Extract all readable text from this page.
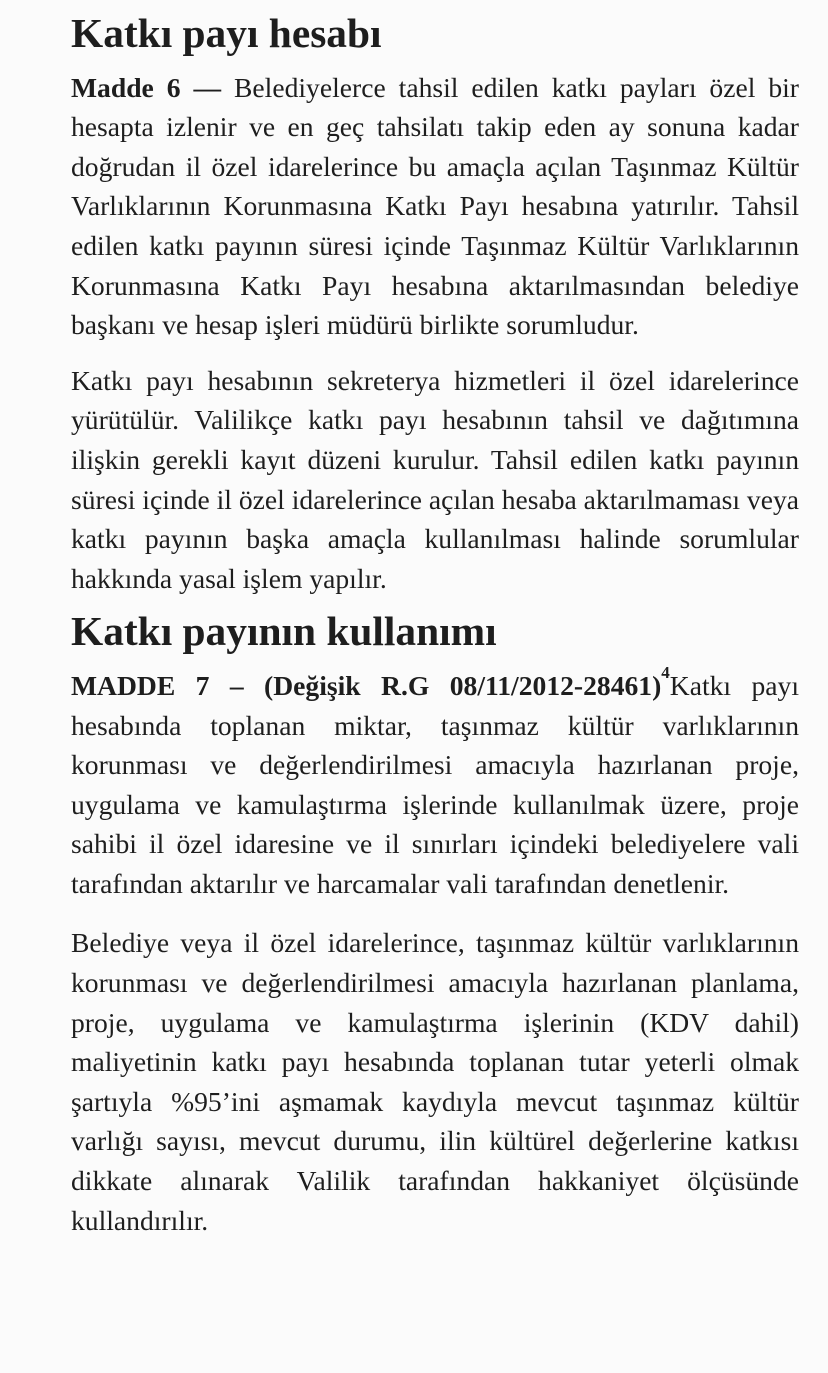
Katkı payı hesabı

Madde 6 — Belediyelerce tahsil edilen katkı payları özel bir hesapta izlenir ve en geç tahsilatı takip eden ay sonuna kadar doğrudan il özel idarelerince bu amaçla açılan Taşınmaz Kültür Varlıklarının Korunmasına Katkı Payı hesabına yatırılır. Tahsil edilen katkı payının süresi içinde Taşınmaz Kültür Varlıklarının Korunmasına Katkı Payı hesabına aktarılmasından belediye başkanı ve hesap işleri müdürü birlikte sorumludur.

Katkı payı hesabının sekreterya hizmetleri il özel idarelerince yürütülür. Valilikçe katkı payı hesabının tahsil ve dağıtımına ilişkin gerekli kayıt düzeni kurulur. Tahsil edilen katkı payının süresi içinde il özel idarelerince açılan hesaba aktarılmaması veya katkı payının başka amaçla kullanılması halinde sorumlular hakkında yasal işlem yapılır.

Katkı payının kullanımı

MADDE 7 – (Değişik R.G 08/11/2012-28461)$^4$Katkı payı hesabında toplanan miktar, taşınmaz kültür varlıklarının korunması ve değerlendirilmesi amacıyla hazırlanan proje, uygulama ve kamulaştırma işlerinde kullanılmak üzere, proje sahibi il özel idaresine ve il sınırları içindeki belediyelere vali tarafından aktarılır ve harcamalar vali tarafından denetlenir.

Belediye veya il özel idarelerince, taşınmaz kültür varlıklarının korunması ve değerlendirilmesi amacıyla hazırlanan planlama, proje, uygulama ve kamulaştırma işlerinin (KDV dahil) maliyetinin katkı payı hesabında toplanan tutar yeterli olmak şartıyla %95’ini aşmamak kaydıyla mevcut taşınmaz kültür varlığı sayısı, mevcut durumu, ilin kültürel değerlerine katkısı dikkate alınarak Valilik tarafından hakkaniyet ölçüsünde kullandırılır.
